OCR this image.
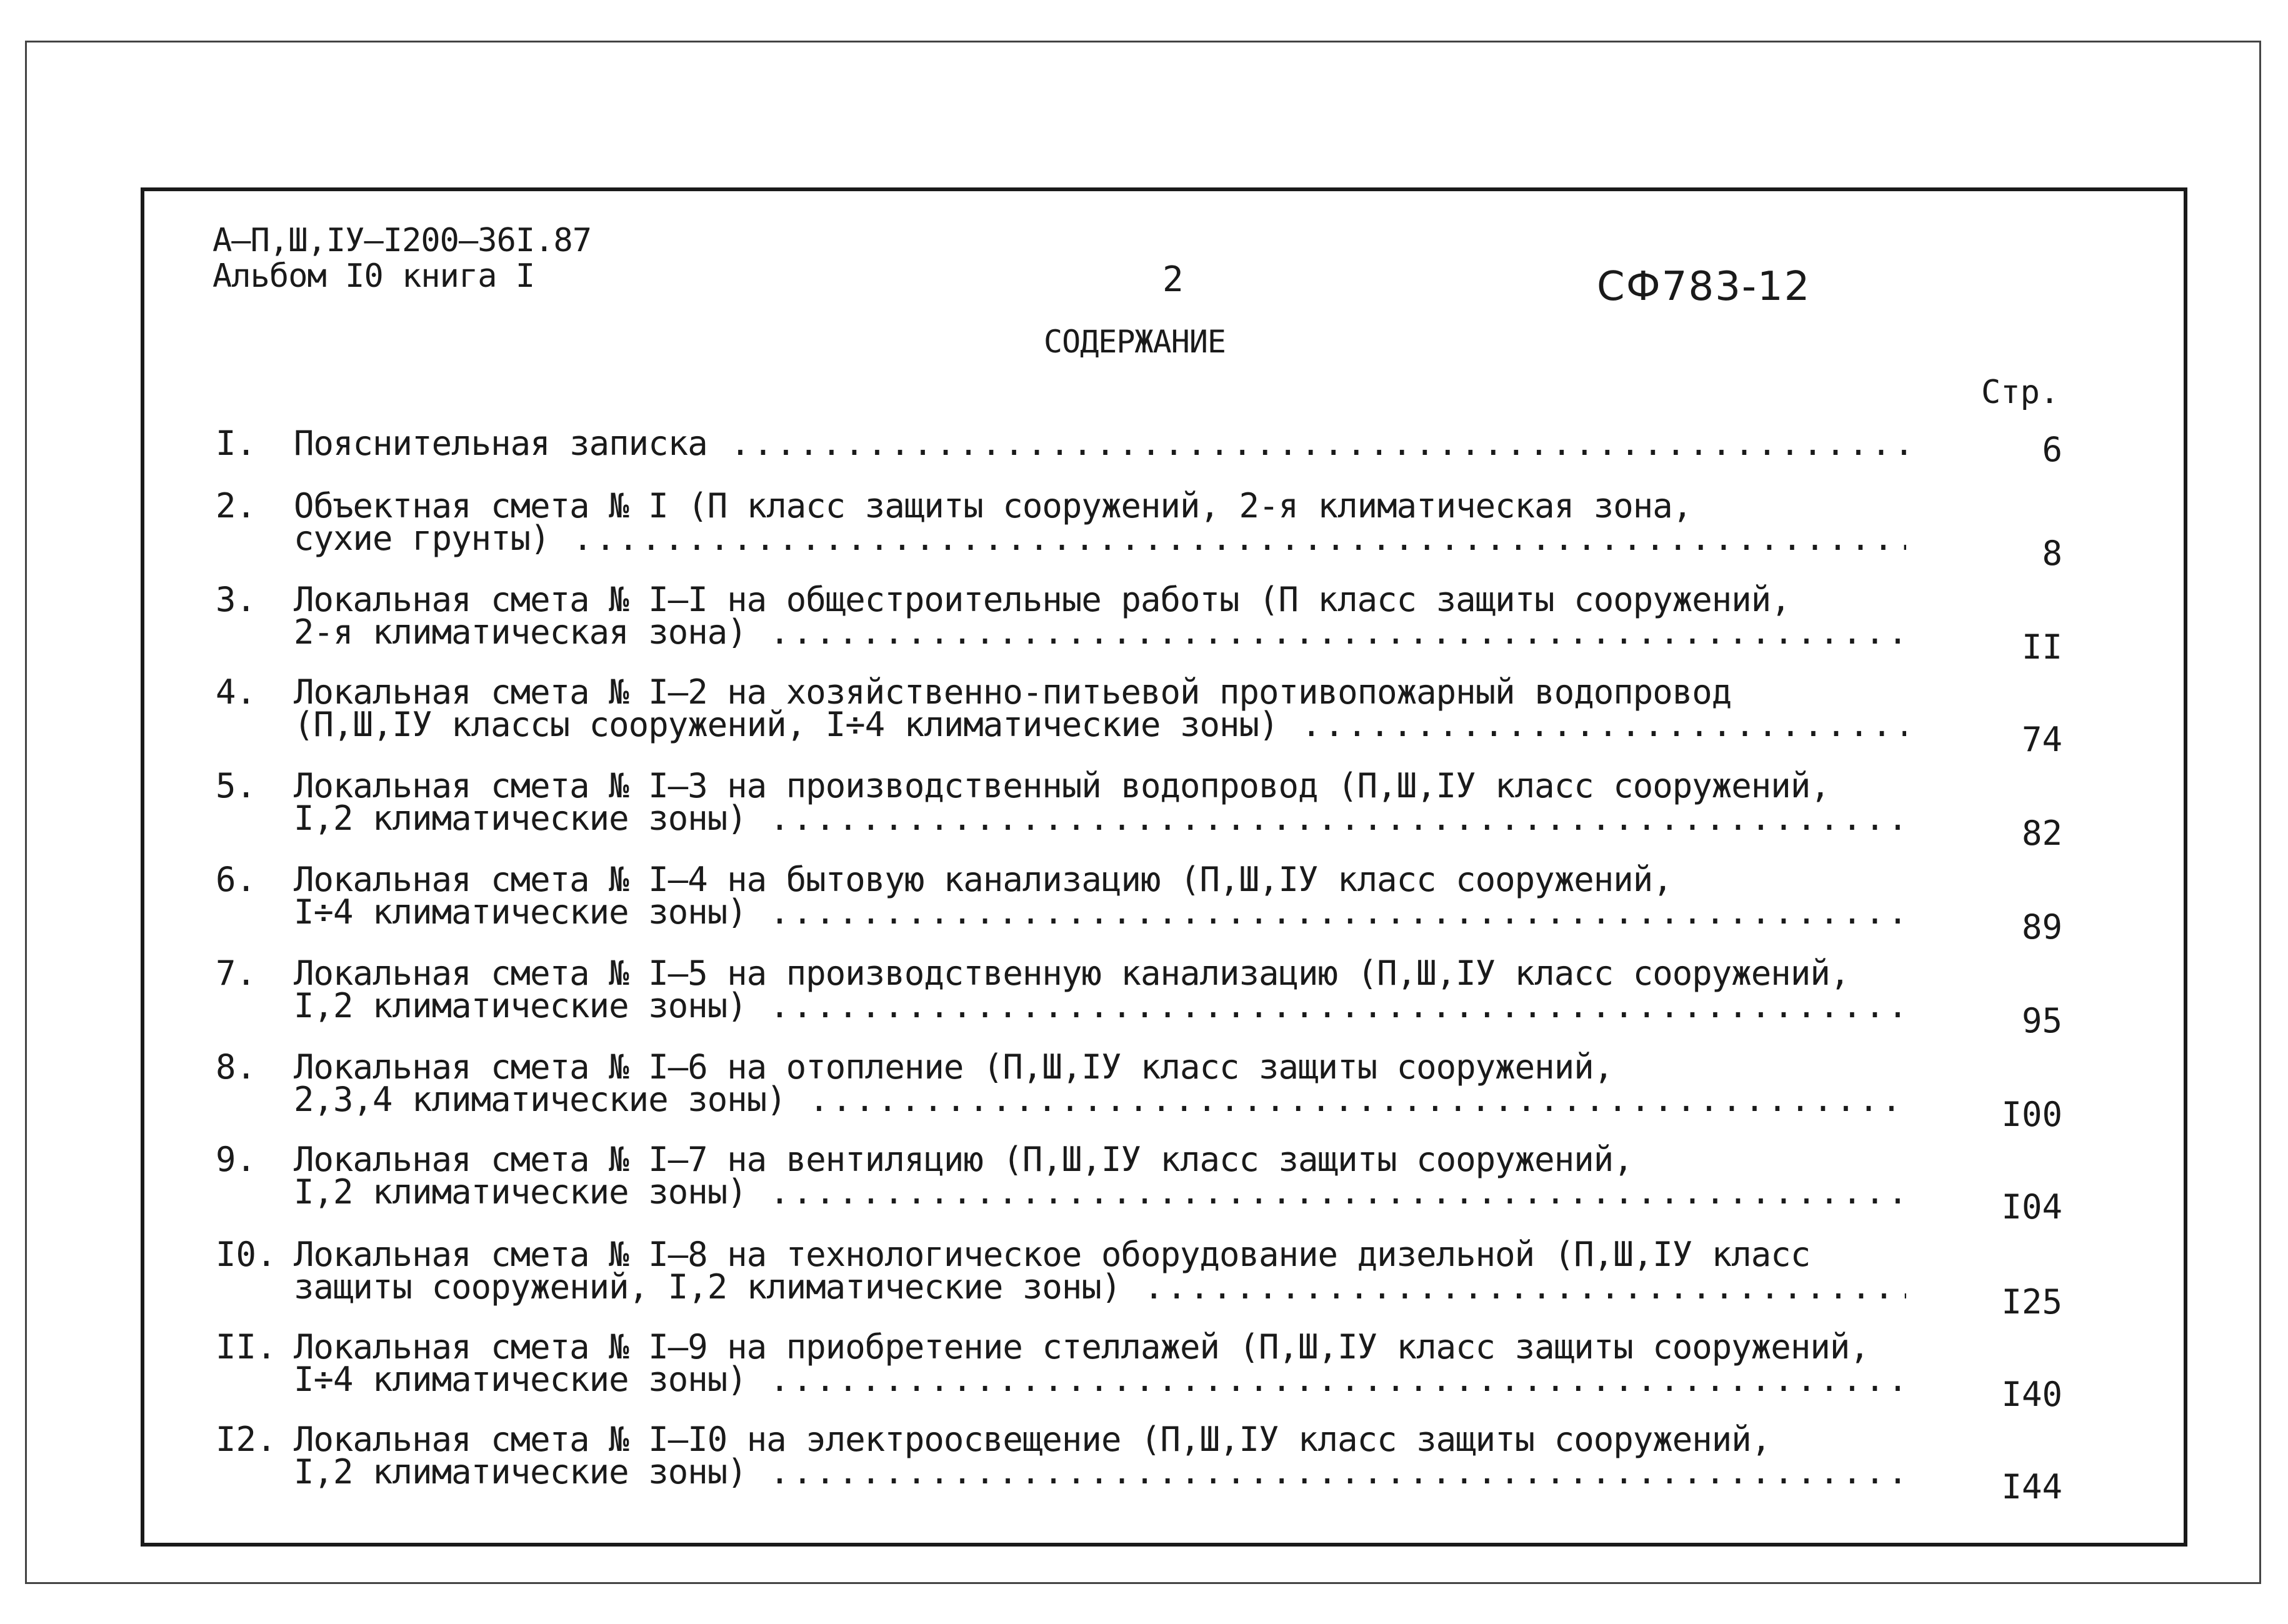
А–П,Ш,IУ–I200–36I.87
Альбом I0 книга I	2	СФ783-12
СОДЕРЖАНИЕ
Стр.
I.	Пояснительная записка .....	6
2.	Объектная смета № I (П класс защиты сооружений, 2-я климатическая зона,
сухие грунты) .....	8
3.	Локальная смета № I–I на общестроительные работы (П класс защиты сооружений,
2-я климатическая зона) .....	II
4.	Локальная смета № I–2 на хозяйственно-питьевой противопожарный водопровод
(П,Ш,IУ классы сооружений, I÷4 климатические зоны) .....	74
5.	Локальная смета № I–3 на производственный водопровод (П,Ш,IУ класс сооружений,
I,2 климатические зоны) .....	82
6.	Локальная смета № I–4 на бытовую канализацию (П,Ш,IУ класс сооружений,
I÷4 климатические зоны) .....	89
7.	Локальная смета № I–5 на производственную канализацию (П,Ш,IУ класс сооружений,
I,2 климатические зоны) .....	95
8.	Локальная смета № I–6 на отопление (П,Ш,IУ класс защиты сооружений,
2,3,4 климатические зоны) .....	I00
9.	Локальная смета № I–7 на вентиляцию (П,Ш,IУ класс защиты сооружений,
I,2 климатические зоны) .....	I04
I0. Локальная смета № I–8 на технологическое оборудование дизельной (П,Ш,IУ класс
защиты сооружений, I,2 климатические зоны) .....	I25
II. Локальная смета № I–9 на приобретение стеллажей (П,Ш,IУ класс защиты сооружений,
I÷4 климатические зоны) .....	I40
I2. Локальная смета № I–I0 на электроосвещение (П,Ш,IУ класс защиты сооружений,
I,2 климатические зоны) .....	I44
